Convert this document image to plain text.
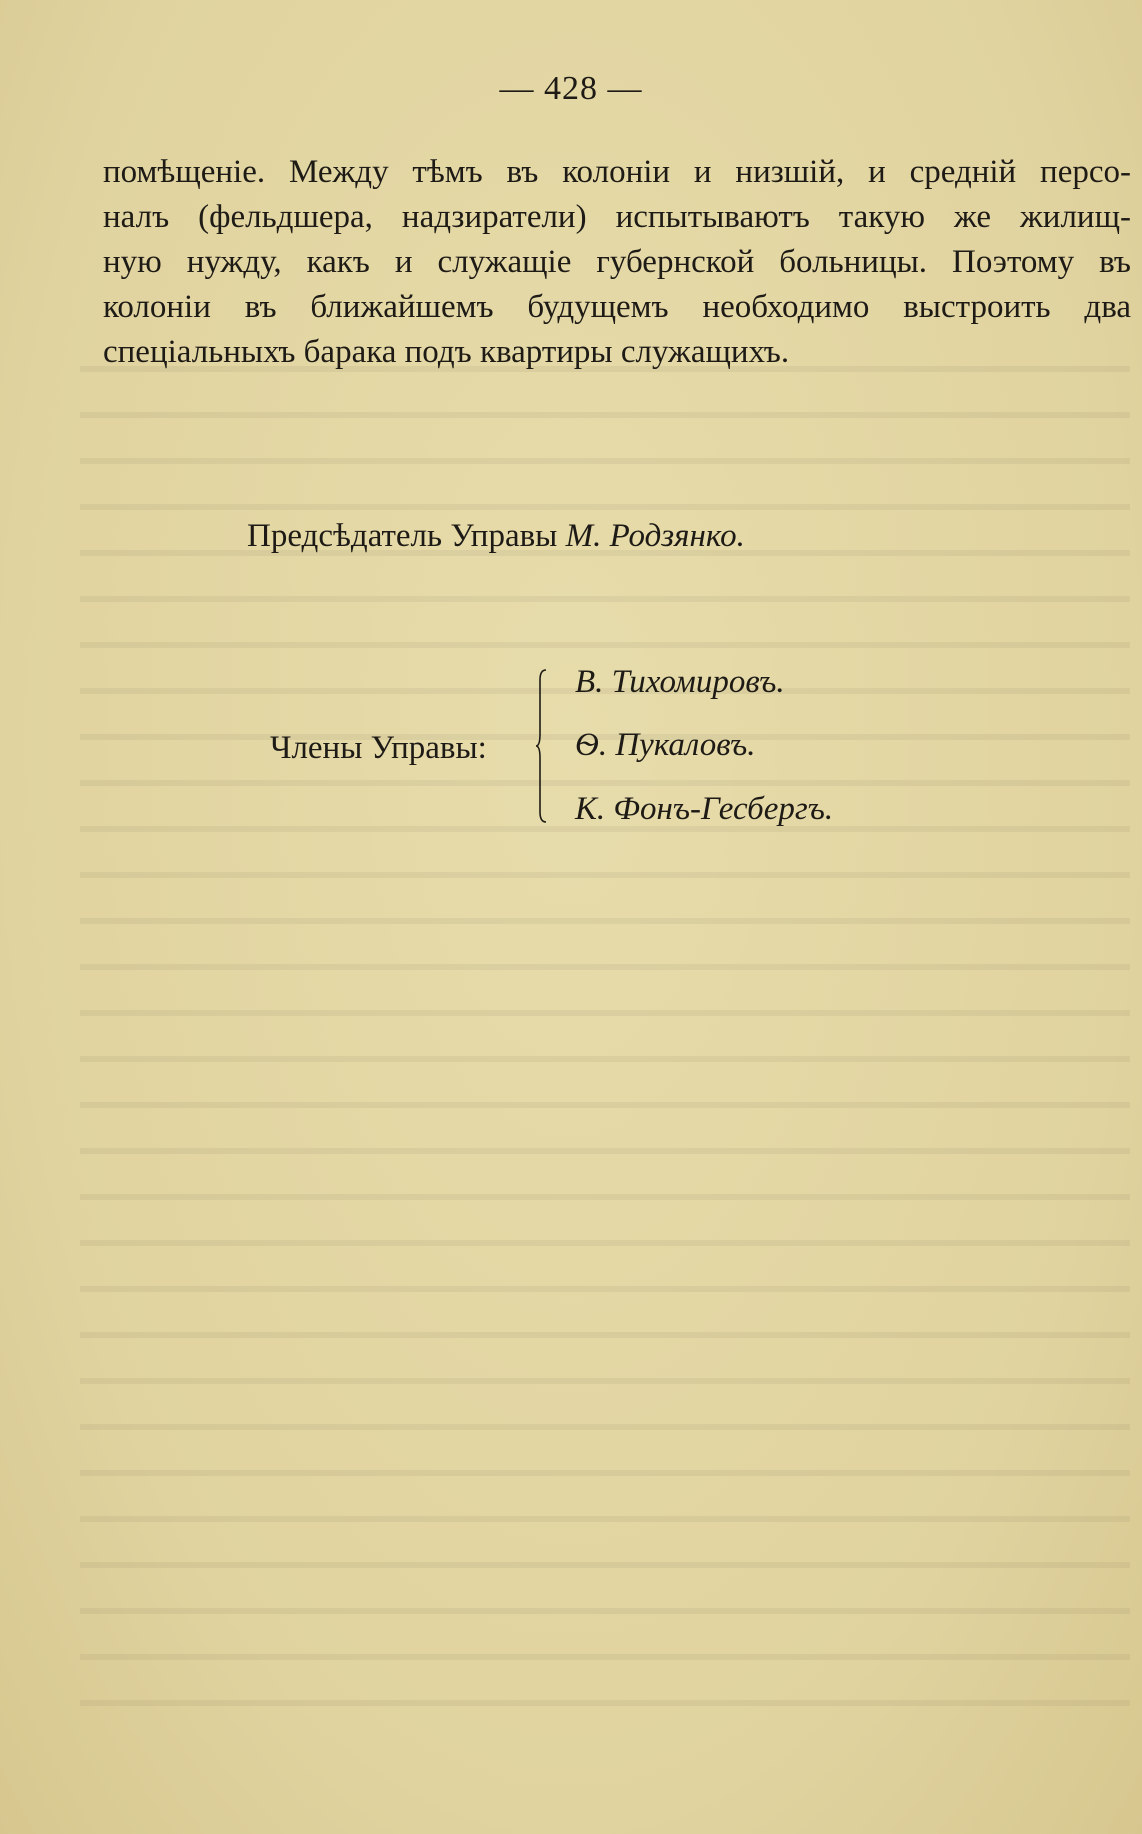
— 428 —
помѣщеніе. Между тѣмъ въ колоніи и низшій, и средній персо-
налъ (фельдшера, надзиратели) испытываютъ такую же жилищ-
ную нужду, какъ и служащіе губернской больницы. Поэтому въ
колоніи въ ближайшемъ будущемъ необходимо выстроить два
спеціальныхъ барака подъ квартиры служащихъ.
Предсѣдатель Управы М. Родзянко.
Члены Управы:
В. Тихомировъ.
Ѳ. Пукаловъ.
К. Фонъ-Гесбергъ.
